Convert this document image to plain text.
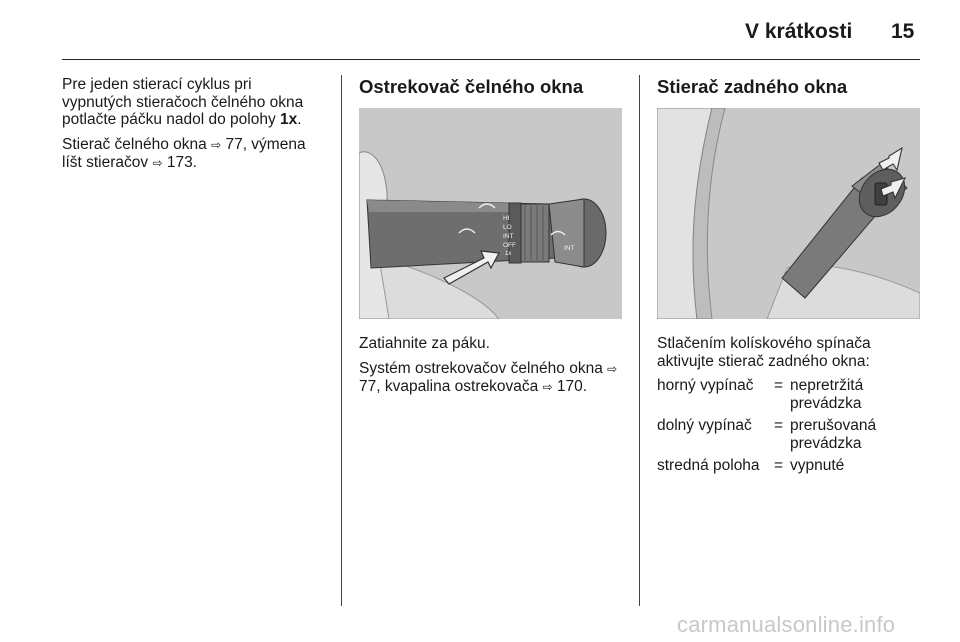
V krátkosti 15

Pre jeden stierací cyklus pri vypnutých stieračoch čelného okna potlačte páčku nadol do polohy 1x.

Stierač čelného okna ⇨ 77, výmena líšt stieračov ⇨ 173.

Ostrekovač čelného okna
HI
LO
INT
OFF
1x
INT

Zatiahnite za páku.

Systém ostrekovačov čelného okna ⇨ 77, kvapalina ostrekovača ⇨ 170.

Stierač zadného okna

Stlačením kolískového spínača aktivujte stierač zadného okna:

horný vypínač	=	nepretržitá prevádzka
dolný vypínač	=	prerušovaná prevádzka
stredná poloha	=	vypnuté
carmanualsonline.info
